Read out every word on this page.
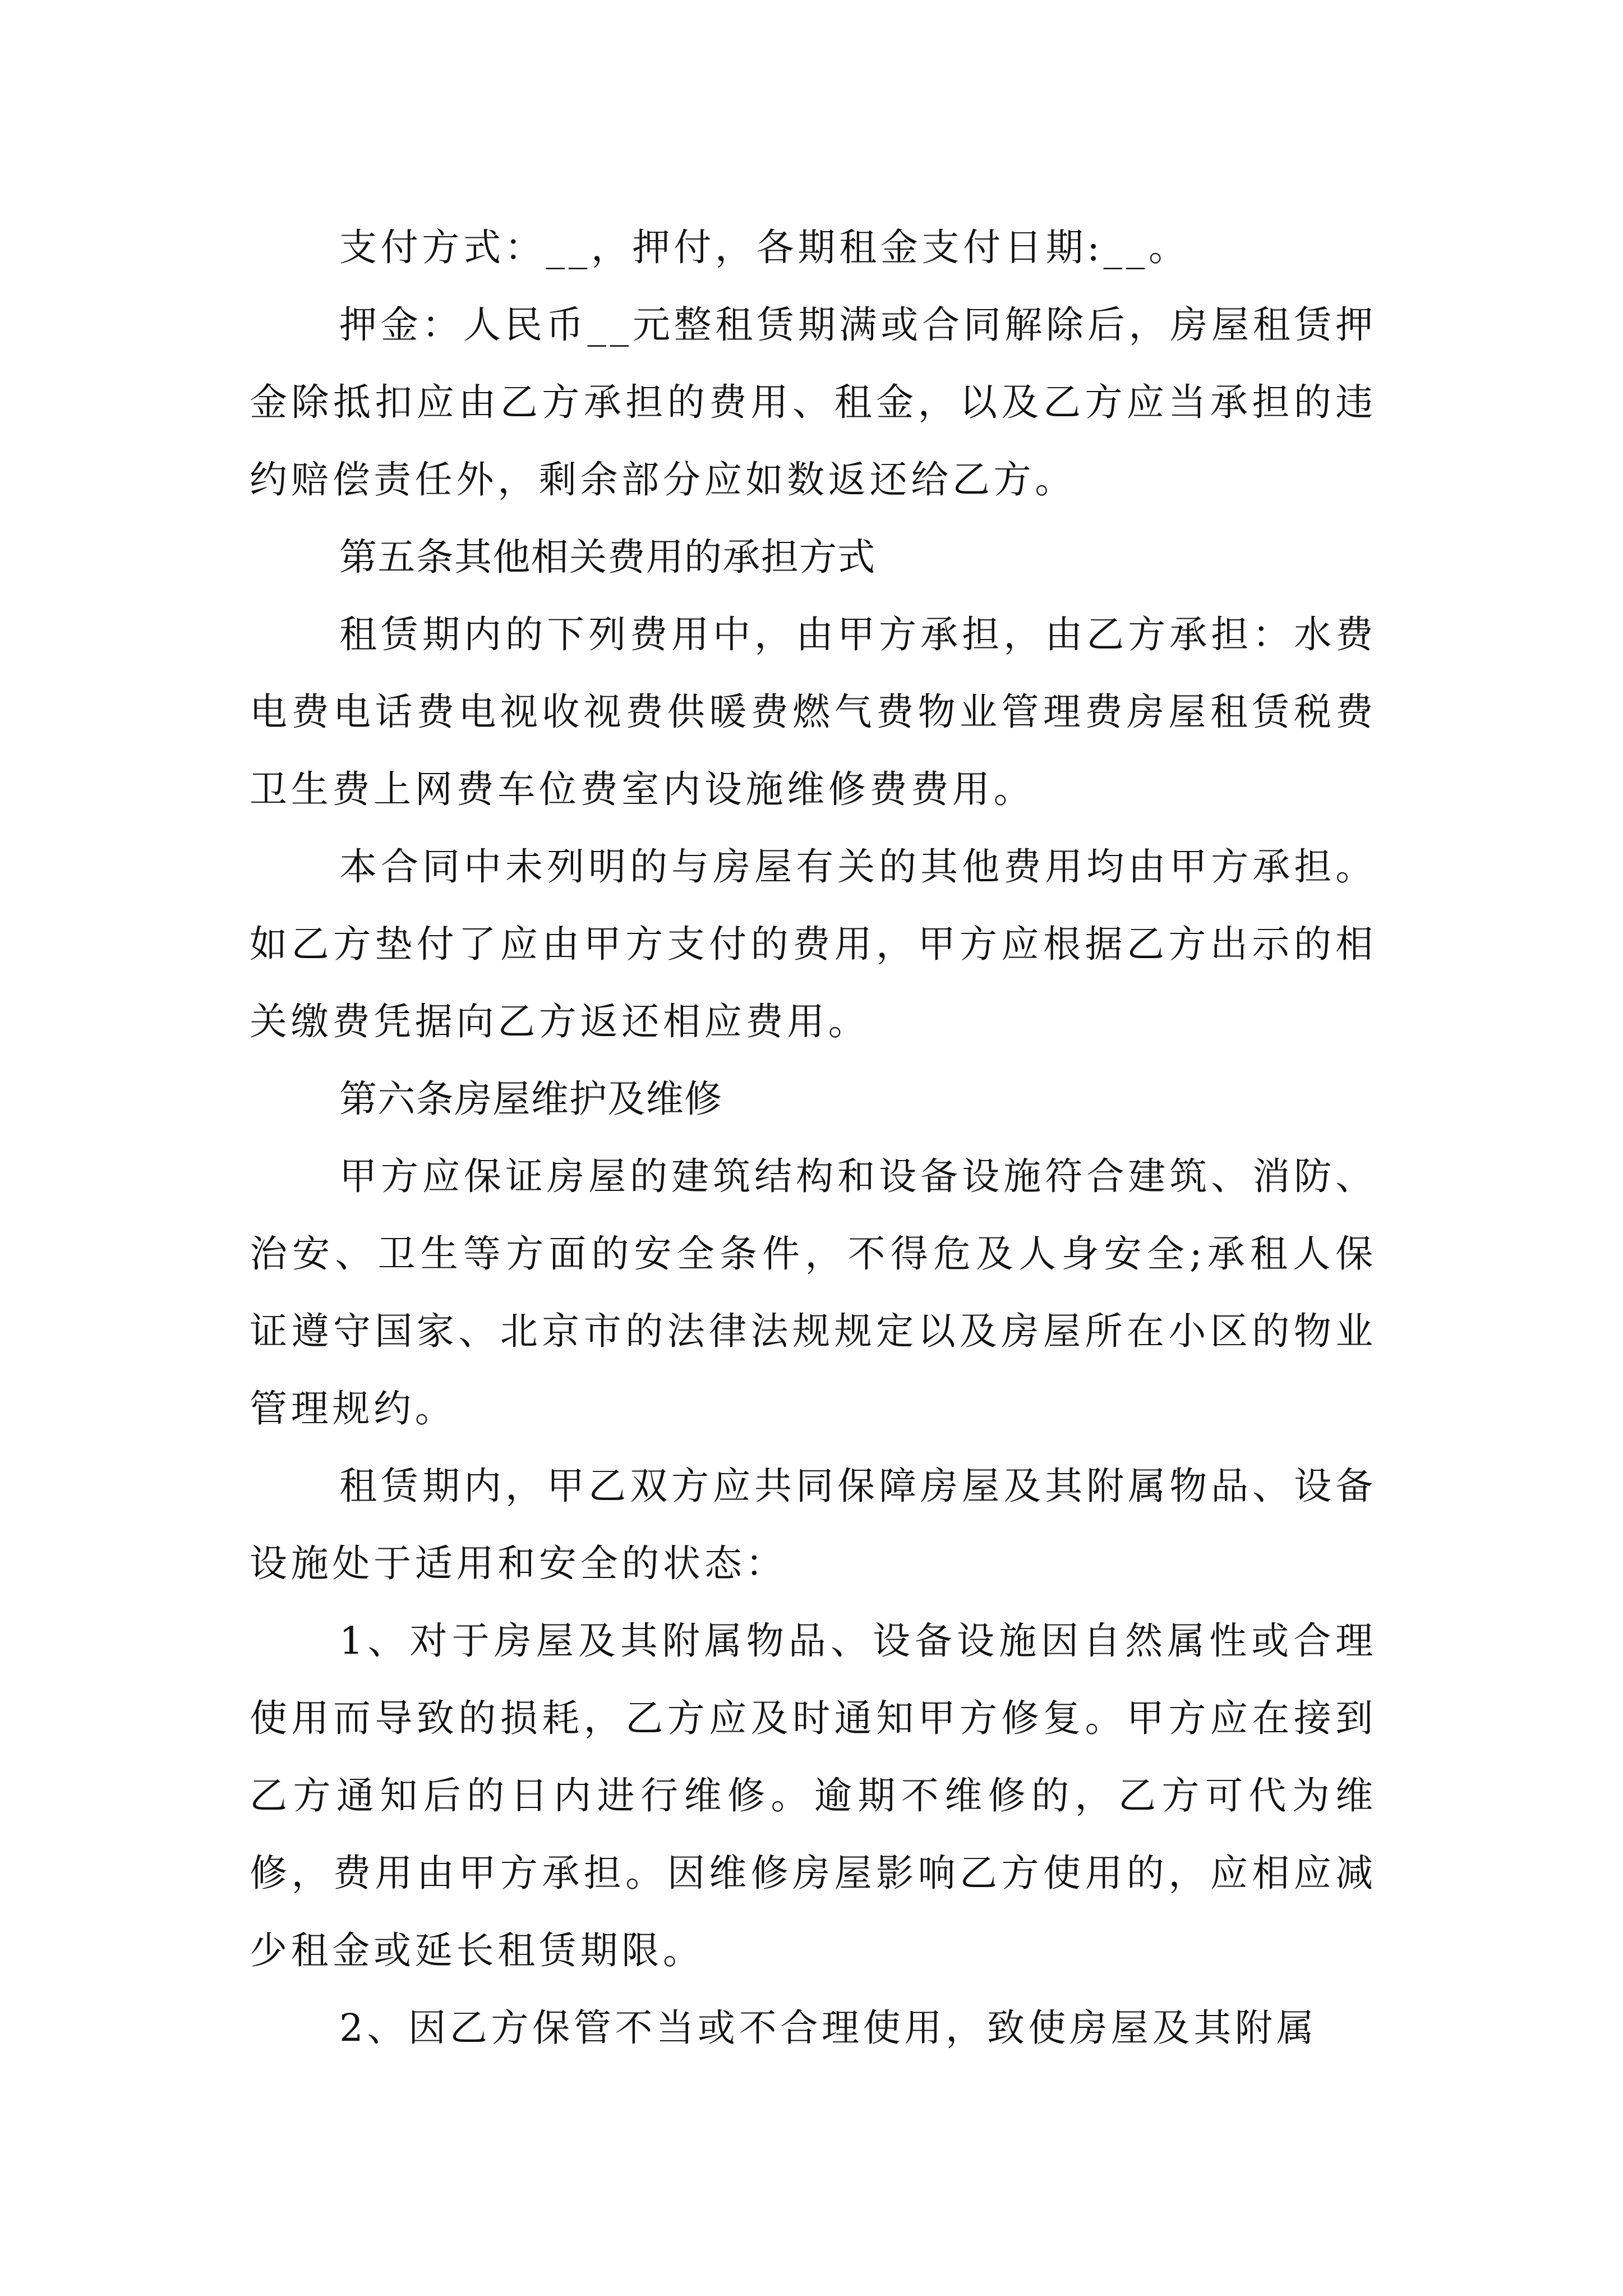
支付方式：__，押付，各期租金支付日期:__。

押金：人民币__元整租赁期满或合同解除后，房屋租赁押金除抵扣应由乙方承担的费用、租金，以及乙方应当承担的违约赔偿责任外，剩余部分应如数返还给乙方。

第五条其他相关费用的承担方式

租赁期内的下列费用中，由甲方承担，由乙方承担：水费电费电话费电视收视费供暖费燃气费物业管理费房屋租赁税费卫生费上网费车位费室内设施维修费费用。

本合同中未列明的与房屋有关的其他费用均由甲方承担。如乙方垫付了应由甲方支付的费用，甲方应根据乙方出示的相关缴费凭据向乙方返还相应费用。

第六条房屋维护及维修

甲方应保证房屋的建筑结构和设备设施符合建筑、消防、治安、卫生等方面的安全条件，不得危及人身安全;承租人保证遵守国家、北京市的法律法规规定以及房屋所在小区的物业管理规约。

租赁期内，甲乙双方应共同保障房屋及其附属物品、设备设施处于适用和安全的状态：

1、对于房屋及其附属物品、设备设施因自然属性或合理使用而导致的损耗，乙方应及时通知甲方修复。甲方应在接到乙方通知后的日内进行维修。逾期不维修的，乙方可代为维修，费用由甲方承担。因维修房屋影响乙方使用的，应相应减少租金或延长租赁期限。

2、因乙方保管不当或不合理使用，致使房屋及其附属
